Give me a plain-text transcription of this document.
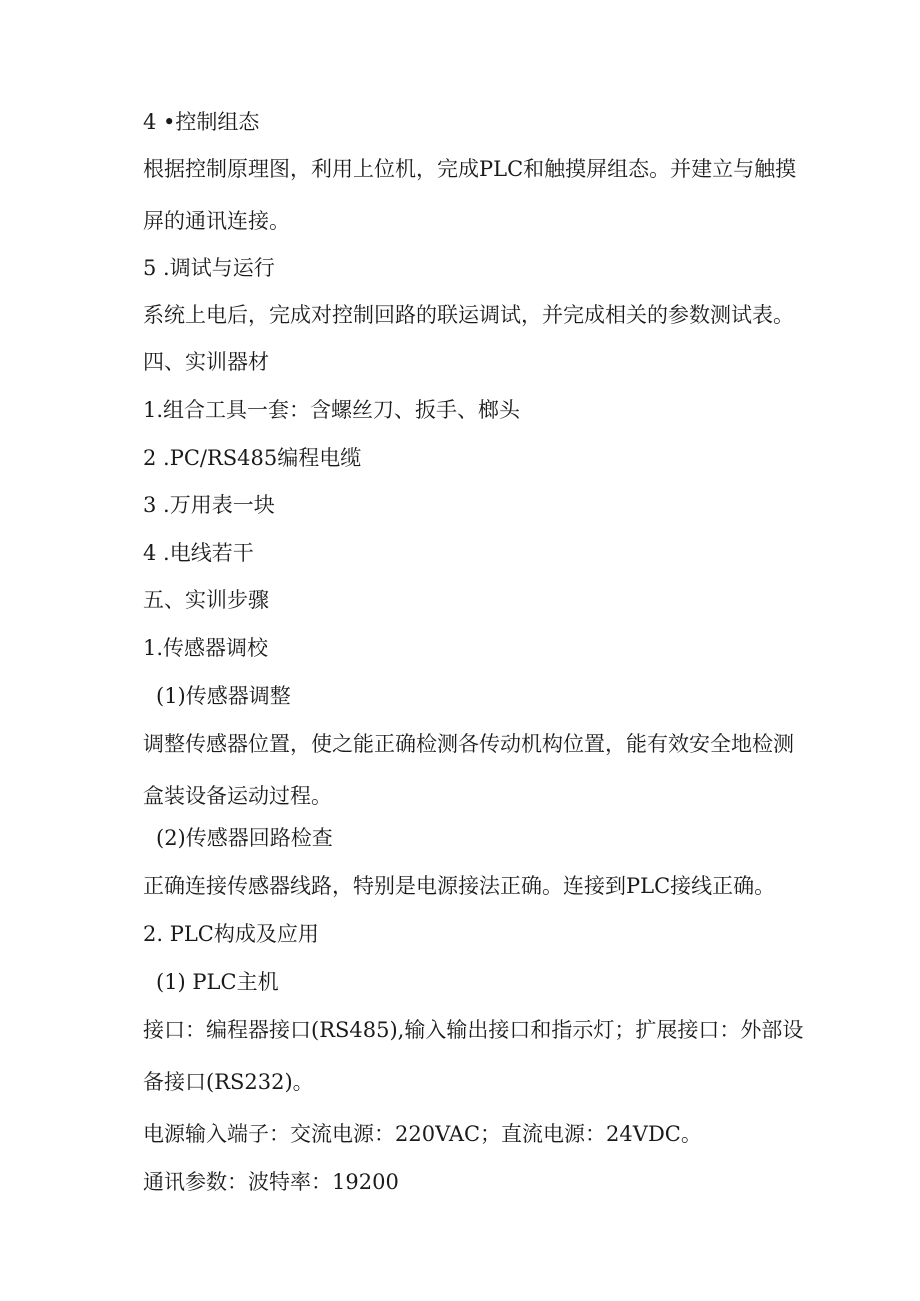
4 •控制组态

根据控制原理图，利用上位机，完成PLC和触摸屏组态。并建立与触摸

屏的通讯连接。

5 .调试与运行
系统上电后，完成对控制回路的联运调试，并完成相关的参数测试表。
四、实训器材
1.组合工具一套：含螺丝刀、扳手、榔头
2 .PC/RS485编程电缆
3 .万用表一块
4 .电线若干
五、实训步骤
1.传感器调校
(1)传感器调整

调整传感器位置，使之能正确检测各传动机构位置，能有效安全地检测

盒装设备运动过程。

(2)传感器回路检查
正确连接传感器线路，特别是电源接法正确。连接到PLC接线正确。
2. PLC构成及应用
(1) PLC主机

接口：编程器接口(RS485),输入输出接口和指示灯；扩展接口：外部设

备接口(RS232)。

电源输入端子：交流电源：220VAC；直流电源：24VDC。
通讯参数：波特率：19200
